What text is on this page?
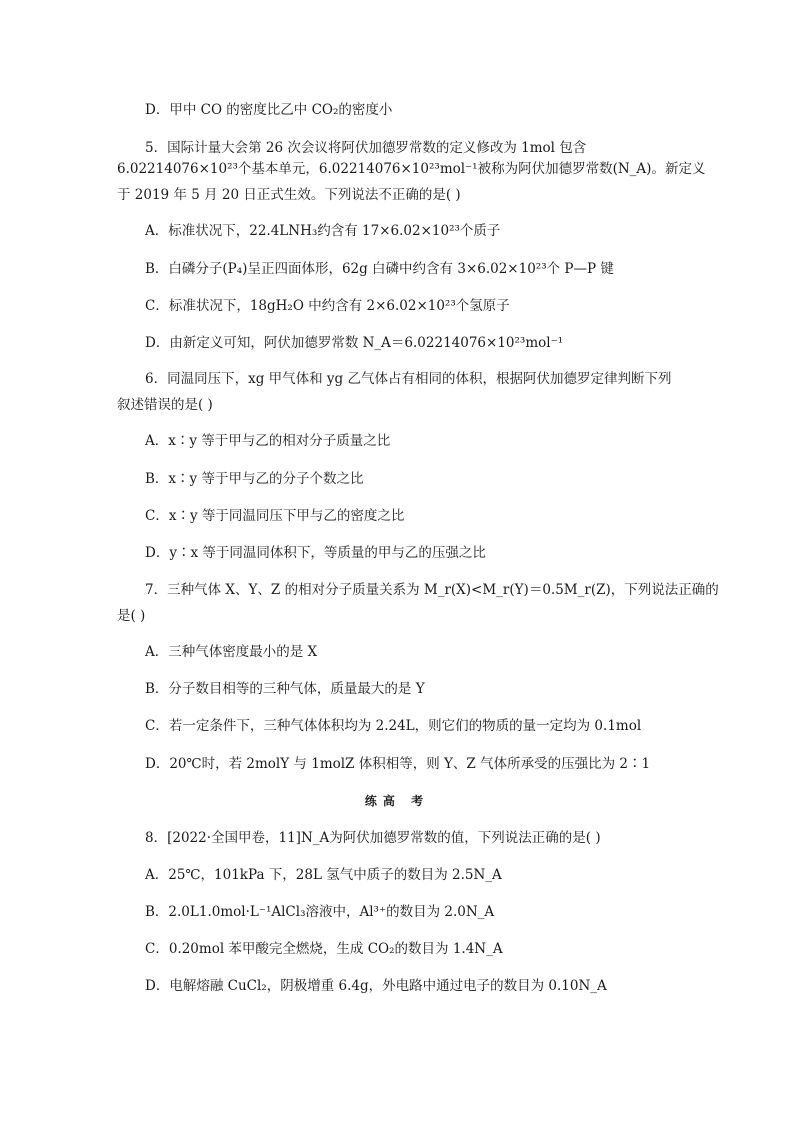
D．甲中 CO 的密度比乙中 CO₂的密度小
5．国际计量大会第 26 次会议将阿伏加德罗常数的定义修改为 1mol 包含
6.02214076×10²³个基本单元，6.02214076×10²³mol⁻¹被称为阿伏加德罗常数(N_A)。新定义
于 2019 年 5 月 20 日正式生效。下列说法不正确的是( )
A．标准状况下，22.4LNH₃约含有 17×6.02×10²³个质子
B．白磷分子(P₄)呈正四面体形，62g 白磷中约含有 3×6.02×10²³个 P—P 键
C．标准状况下，18gH₂O 中约含有 2×6.02×10²³个氢原子
D．由新定义可知，阿伏加德罗常数 N_A＝6.02214076×10²³mol⁻¹
6．同温同压下，xg 甲气体和 yg 乙气体占有相同的体积，根据阿伏加德罗定律判断下列
叙述错误的是( )
A．x∶y 等于甲与乙的相对分子质量之比
B．x∶y 等于甲与乙的分子个数之比
C．x∶y 等于同温同压下甲与乙的密度之比
D．y∶x 等于同温同体积下，等质量的甲与乙的压强之比
7．三种气体 X、Y、Z 的相对分子质量关系为 M_r(X)<M_r(Y)＝0.5M_r(Z)，下列说法正确的
是( )
A．三种气体密度最小的是 X
B．分子数目相等的三种气体，质量最大的是 Y
C．若一定条件下，三种气体体积均为 2.24L，则它们的物质的量一定均为 0.1mol
D．20℃时，若 2molY 与 1molZ 体积相等，则 Y、Z 气体所承受的压强比为 2∶1
练高 考
8．[2022·全国甲卷，11]N_A为阿伏加德罗常数的值，下列说法正确的是( )
A．25℃，101kPa 下，28L 氢气中质子的数目为 2.5N_A
B．2.0L1.0mol·L⁻¹AlCl₃溶液中，Al³⁺的数目为 2.0N_A
C．0.20mol 苯甲酸完全燃烧，生成 CO₂的数目为 1.4N_A
D．电解熔融 CuCl₂，阴极增重 6.4g，外电路中通过电子的数目为 0.10N_A
